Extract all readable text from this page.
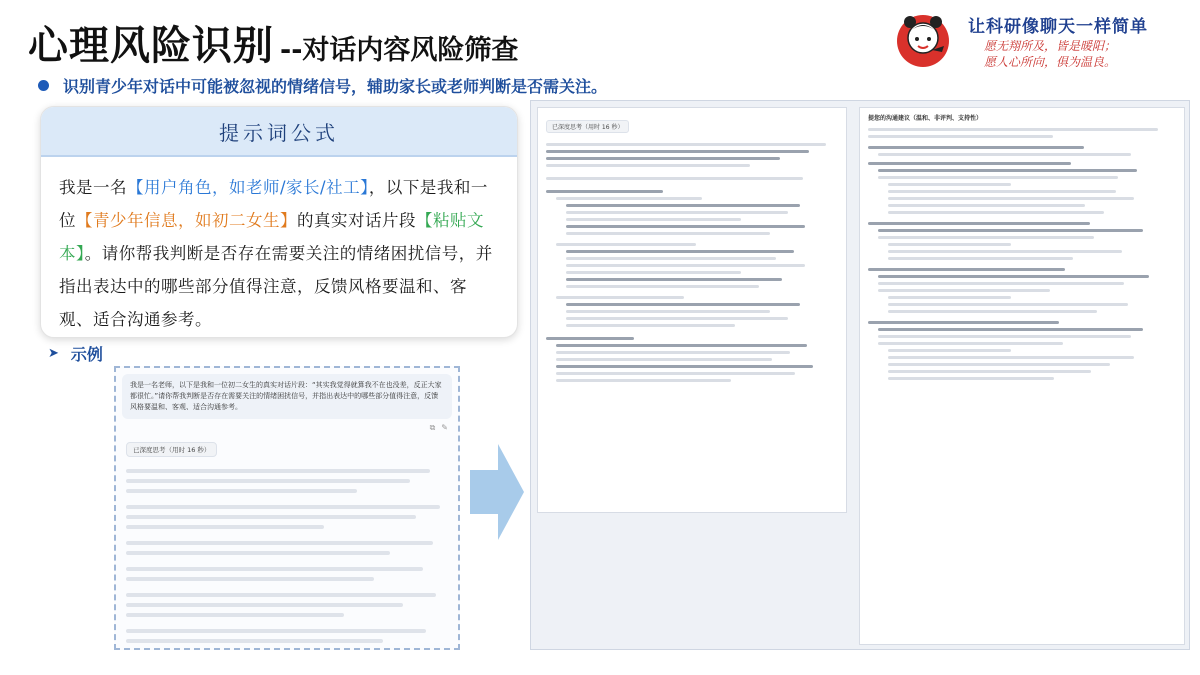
心理风险识别 --对话内容风险筛查
识别青少年对话中可能被忽视的情绪信号，辅助家长或老师判断是否需关注。
让科研像聊天一样简单
愿无翔所及，皆是暖阳；
愿人心所向，俱为温良。
提示词公式
我是一名【用户角色，如老师/家长/社工】，以下是我和一位【青少年信息，如初二女生】的真实对话片段【粘贴文本】。请你帮我判断是否存在需要关注的情绪困扰信号，并指出表达中的哪些部分值得注意，反馈风格要温和、客观、适合沟通参考。
➤ 示例
我是一名老师，以下是我和一位初二女生的真实对话片段：“其实我觉得就算我不在也没差，反正大家都很忙。”请你帮我判断是否存在需要关注的情绪困扰信号，并指出表达中的哪些部分值得注意，反馈风格要温和、客观、适合沟通参考。
⧉ ✎
已深度思考（用时 16 秒）
已深度思考（用时 16 秒）
提您的沟通建议（温和、非评判、支持性）
